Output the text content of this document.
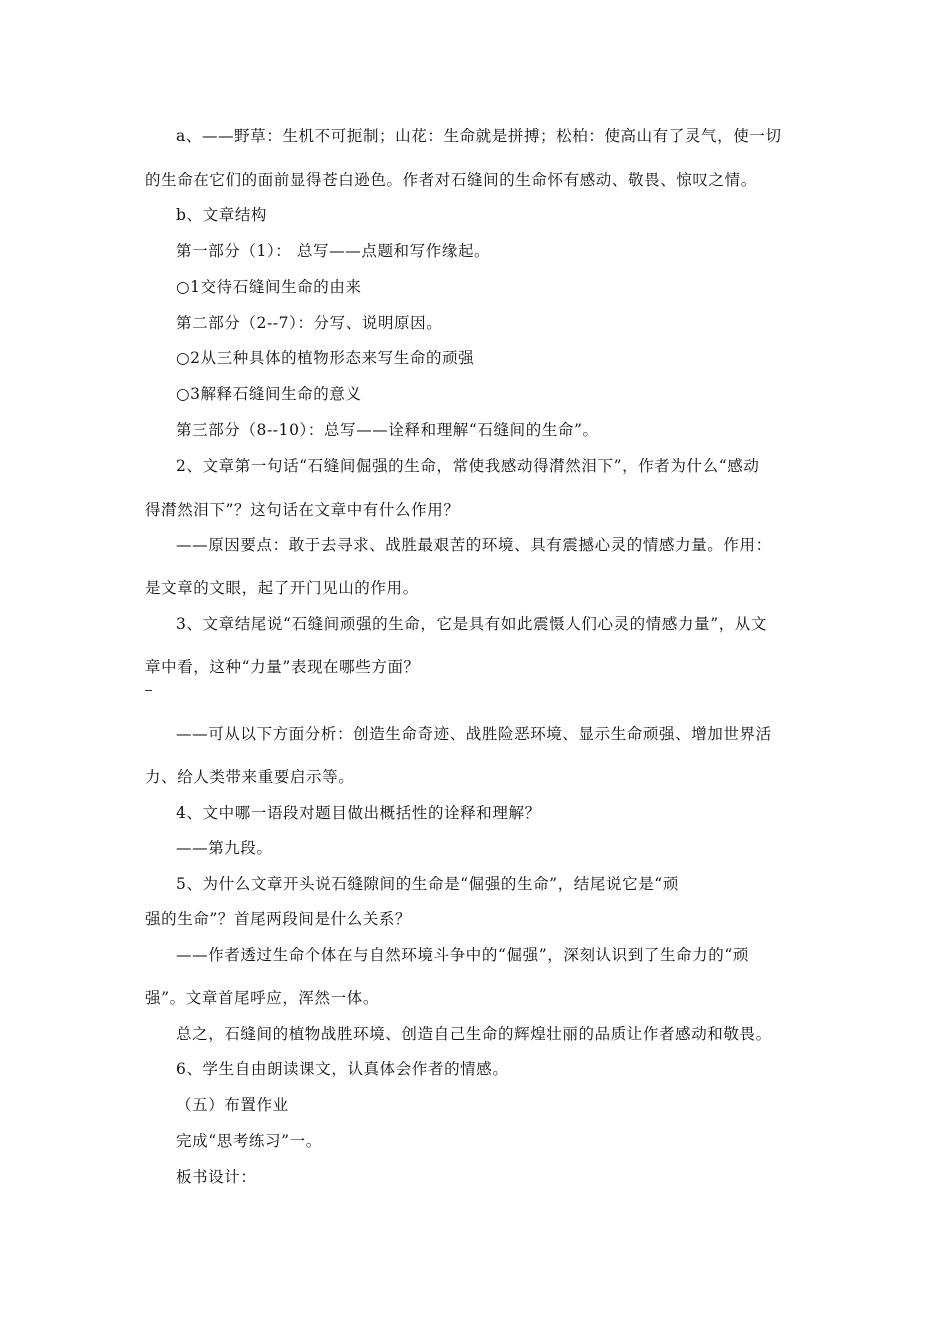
a、——野草：生机不可扼制；山花：生命就是拼搏；松柏：使高山有了灵气，使一切
的生命在它们的面前显得苍白逊色。作者对石缝间的生命怀有感动、敬畏、惊叹之情。
b、文章结构
第一部分（1）： 总写——点题和写作缘起。
○1交待石缝间生命的由来
第二部分（2--7）：分写、说明原因。
○2从三种具体的植物形态来写生命的顽强
○3解释石缝间生命的意义
第三部分（8--10）：总写——诠释和理解“石缝间的生命”。
2、文章第一句话“石缝间倔强的生命，常使我感动得潸然泪下”，作者为什么“感动
得潸然泪下”？这句话在文章中有什么作用？
——原因要点：敢于去寻求、战胜最艰苦的环境、具有震撼心灵的情感力量。作用：
是文章的文眼，起了开门见山的作用。
3、文章结尾说“石缝间顽强的生命，它是具有如此震慑人们心灵的情感力量”，从文
章中看，这种“力量”表现在哪些方面？
——可从以下方面分析：创造生命奇迹、战胜险恶环境、显示生命顽强、增加世界活
力、给人类带来重要启示等。
4、文中哪一语段对题目做出概括性的诠释和理解？
——第九段。
5、为什么文章开头说石缝隙间的生命是“倔强的生命”，结尾说它是“顽
强的生命”？首尾两段间是什么关系？
——作者透过生命个体在与自然环境斗争中的“倔强”，深刻认识到了生命力的“顽
强”。文章首尾呼应，浑然一体。
总之，石缝间的植物战胜环境、创造自己生命的辉煌壮丽的品质让作者感动和敬畏。
6、学生自由朗读课文，认真体会作者的情感。
（五）布置作业
完成“思考练习”一。
板书设计：
